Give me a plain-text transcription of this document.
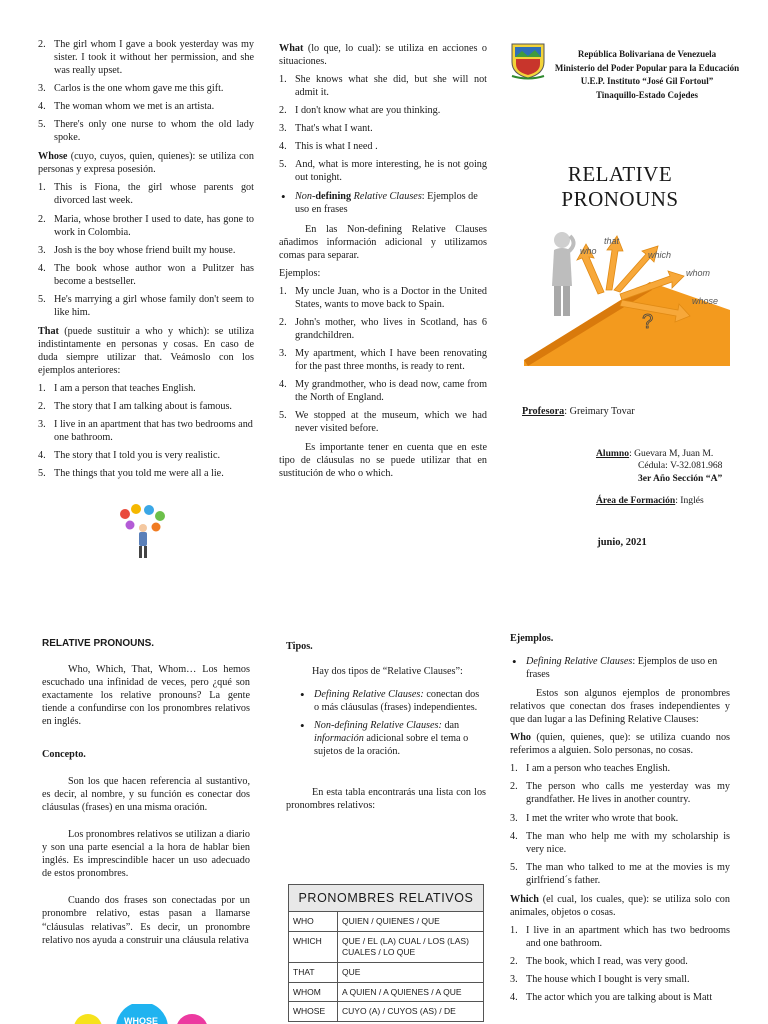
2. The girl whom I gave a book yesterday was my sister. I took it without her permission, and she was really upset.
3. Carlos is the one whom gave me this gift.
4. The woman whom we met is an artista.
5. There's only one nurse to whom the old lady spoke.

Whose (cuyo, cuyos, quien, quienes): se utiliza con personas y expresa posesión.

1. This is Fiona, the girl whose parents got divorced last week.
2. Maria, whose brother I used to date, has gone to work in Colombia.
3. Josh is the boy whose friend built my house.
4. The book whose author won a Pulitzer has become a bestseller.
5. He's marrying a girl whose family don't seem to like him.

That (puede sustituir a who y which): se utiliza indistintamente en personas y cosas. En caso de duda siempre utilizar that. Veámoslo con los ejemplos anteriores:

1. I am a person that teaches English.
2. The story that I am talking about is famous.
3. I live in an apartment that has two bedrooms and one bathroom.
4. The story that I told you is very realistic.
5. The things that you told me were all a lie.

What (lo que, lo cual): se utiliza en acciones o situaciones.

1. She knows what she did, but she will not admit it.
2. I don't know what are you thinking.
3. That's what I want.
4. This is what I need .
5. And, what is more interesting, he is not going out tonight.
• Non-defining Relative Clauses: Ejemplos de uso en frases

En las Non-defining Relative Clauses añadimos información adicional y utilizamos comas para separar.

Ejemplos:

1. My uncle Juan, who is a Doctor in the United States, wants to move back to Spain.
2. John's mother, who lives in Scotland, has 6 grandchildren.
3. My apartment, which I have been renovating for the past three months, is ready to rent.
4. My grandmother, who is dead now, came from the North of England.
5. We stopped at the museum, which we had never visited before.

Es importante tener en cuenta que en este tipo de cláusulas no se puede utilizar that en sustitución de who o which.

República Bolivariana de Venezuela
Ministerio del Poder Popular para la Educación
U.E.P. Instituto “José Gil Fortoul”
Tinaquillo-Estado Cojedes
RELATIVE
PRONOUNS
who
that
which
whom
whose
?
Profesora: Greimary Tovar
Alumno: Guevara M, Juan M.
Cédula: V-32.081.968
3er Año Sección “A”
Área de Formación: Inglés
junio, 2021
RELATIVE PRONOUNS.

Who, Which, That, Whom… Los hemos escuchado una infinidad de veces, pero ¿qué son exactamente los relative pronouns? La gente tiende a confundirse con los pronombres relativos en inglés.

Concepto.

Son los que hacen referencia al sustantivo, es decir, al nombre, y su función es conectar dos cláusulas (frases) en una misma oración.

Los pronombres relativos se utilizan a diario y son una parte esencial a la hora de hablar bien inglés. Es imprescindible hacer un uso adecuado de estos pronombres.

Cuando dos frases son conectadas por un pronombre relativo, estas pasan a llamarse “cláusulas relativas”. Es decir, un pronombre relativo nos ayuda a construir una cláusula relativa

WHOSE
Tipos.

Hay dos tipos de “Relative Clauses”:

• Defining Relative Clauses: conectan dos o más cláusulas (frases) independientes.
• Non-defining Relative Clauses: dan información adicional sobre el tema o sujetos de la oración.

En esta tabla encontrarás una lista con los pronombres relativos:

PRONOMBRES RELATIVOS	
WHO	QUIEN / QUIENES / QUE
WHICH	QUE / EL (LA) CUAL / LOS (LAS) CUALES / LO QUE
THAT	QUE
WHOM	A QUIEN / A QUIENES / A QUE
WHOSE	CUYO (A) / CUYOS (AS) / DE
Ejemplos.
• Defining Relative Clauses: Ejemplos de uso en frases

Estos son algunos ejemplos de pronombres relativos que conectan dos frases independientes y que dan lugar a las Defining Relative Clauses:

Who (quien, quienes, que): se utiliza cuando nos referimos a alguien. Solo personas, no cosas.

1. I am a person who teaches English.
2. The person who calls me yesterday was my grandfather. He lives in another country.
3. I met the writer who wrote that book.
4. The man who help me with my scholarship is very nice.
5. The man who talked to me at the movies is my girlfriend´s father.

Which (el cual, los cuales, que): se utiliza solo con animales, objetos o cosas.

1. I live in an apartment which has two bedrooms and one bathroom.
2. The book, which I read, was very good.
3. The house which I bought is very small.
4. The actor which you are talking about is Matt
